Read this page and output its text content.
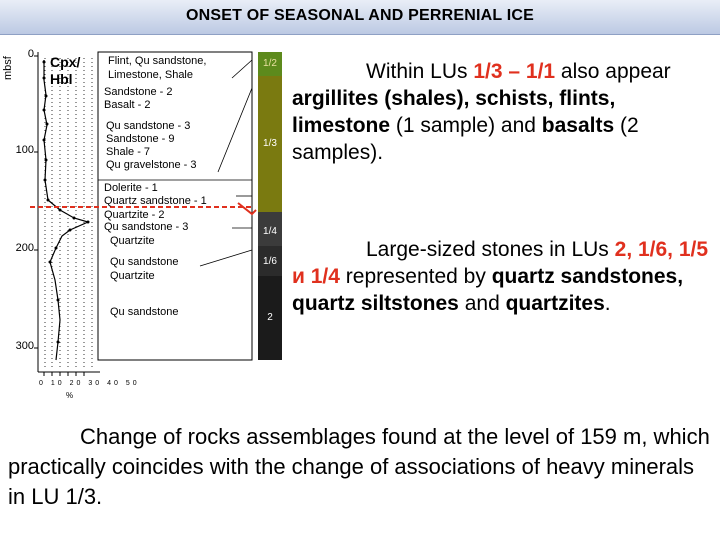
ONSET OF SEASONAL AND PERRENIAL ICE
mbsf
0
100
200
300
0 10 20 30 40 50
%
Cpx/
Hbl
Flint, Qu sandstone,
Limestone, Shale
Sandstone - 2
Basalt - 2
Qu sandstone - 3
Sandstone - 9
Shale - 7
Qu gravelstone - 3
Dolerite - 1
Quartz sandstone - 1
Quartzite - 2
Qu sandstone - 3
Quartzite
Qu sandstone
Quartzite
Qu sandstone
1/2
1/3
1/4
1/6
2
Within LUs 1/3 – 1/1 also appear argillites (shales), schists, flints, limestone (1 sample) and basalts (2 samples).
Large-sized stones in LUs 2, 1/6, 1/5 и 1/4 represented by quartz sandstones, quartz siltstones and quartzites.
Change of rocks assemblages found at the level of 159 m, which practically coincides with the change of associations of heavy minerals in LU 1/3.
